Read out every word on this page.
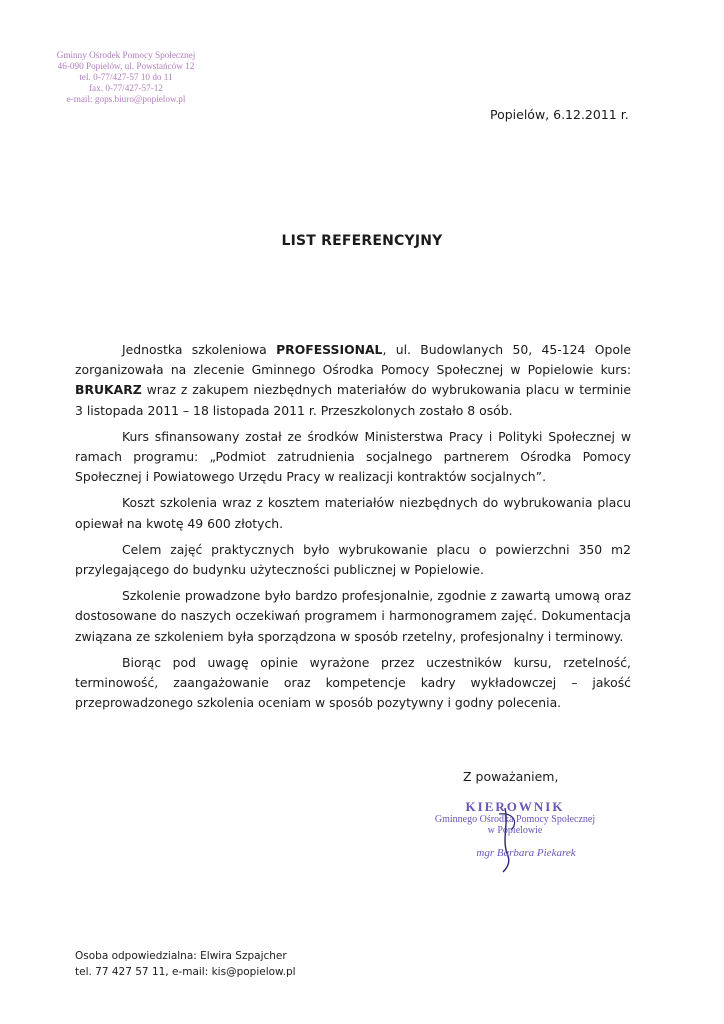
Gminny Ośrodek Pomocy Społecznej
46-090 Popielów, ul. Powstańców 12
tel. 0-77/427-57 10 do 11
fax. 0-77/427-57-12
e-mail: gops.biuro@popielow.pl
Popielów, 6.12.2011 r.
LIST REFERENCYJNY

Jednostka szkoleniowa PROFESSIONAL, ul. Budowlanych 50, 45-124 Opole zorganizowała na zlecenie Gminnego Ośrodka Pomocy Społecznej w Popielowie kurs: BRUKARZ wraz z zakupem niezbędnych materiałów do wybrukowania placu w terminie 3 listopada 2011 – 18 listopada 2011 r. Przeszkolonych zostało 8 osób.

Kurs sfinansowany został ze środków Ministerstwa Pracy i Polityki Społecznej w ramach programu: „Podmiot zatrudnienia socjalnego partnerem Ośrodka Pomocy Społecznej i Powiatowego Urzędu Pracy w realizacji kontraktów socjalnych”.

Koszt szkolenia wraz z kosztem materiałów niezbędnych do wybrukowania placu opiewał na kwotę 49 600 złotych.

Celem zajęć praktycznych było wybrukowanie placu o powierzchni 350 m2 przylegającego do budynku użyteczności publicznej w Popielowie.

Szkolenie prowadzone było bardzo profesjonalnie, zgodnie z zawartą umową oraz dostosowane do naszych oczekiwań programem i harmonogramem zajęć. Dokumentacja związana ze szkoleniem była sporządzona w sposób rzetelny, profesjonalny i terminowy.

Biorąc pod uwagę opinie wyrażone przez uczestników kursu, rzetelność, terminowość, zaangażowanie oraz kompetencje kadry wykładowczej – jakość przeprowadzonego szkolenia oceniam w sposób pozytywny i godny polecenia.

Z poważaniem,
KIEROWNIK
Gminnego Ośrodka Pomocy Społecznej
w Popielowie
mgr Barbara Piekarek
Osoba odpowiedzialna: Elwira Szpajcher
tel. 77 427 57 11, e-mail: kis@popielow.pl
